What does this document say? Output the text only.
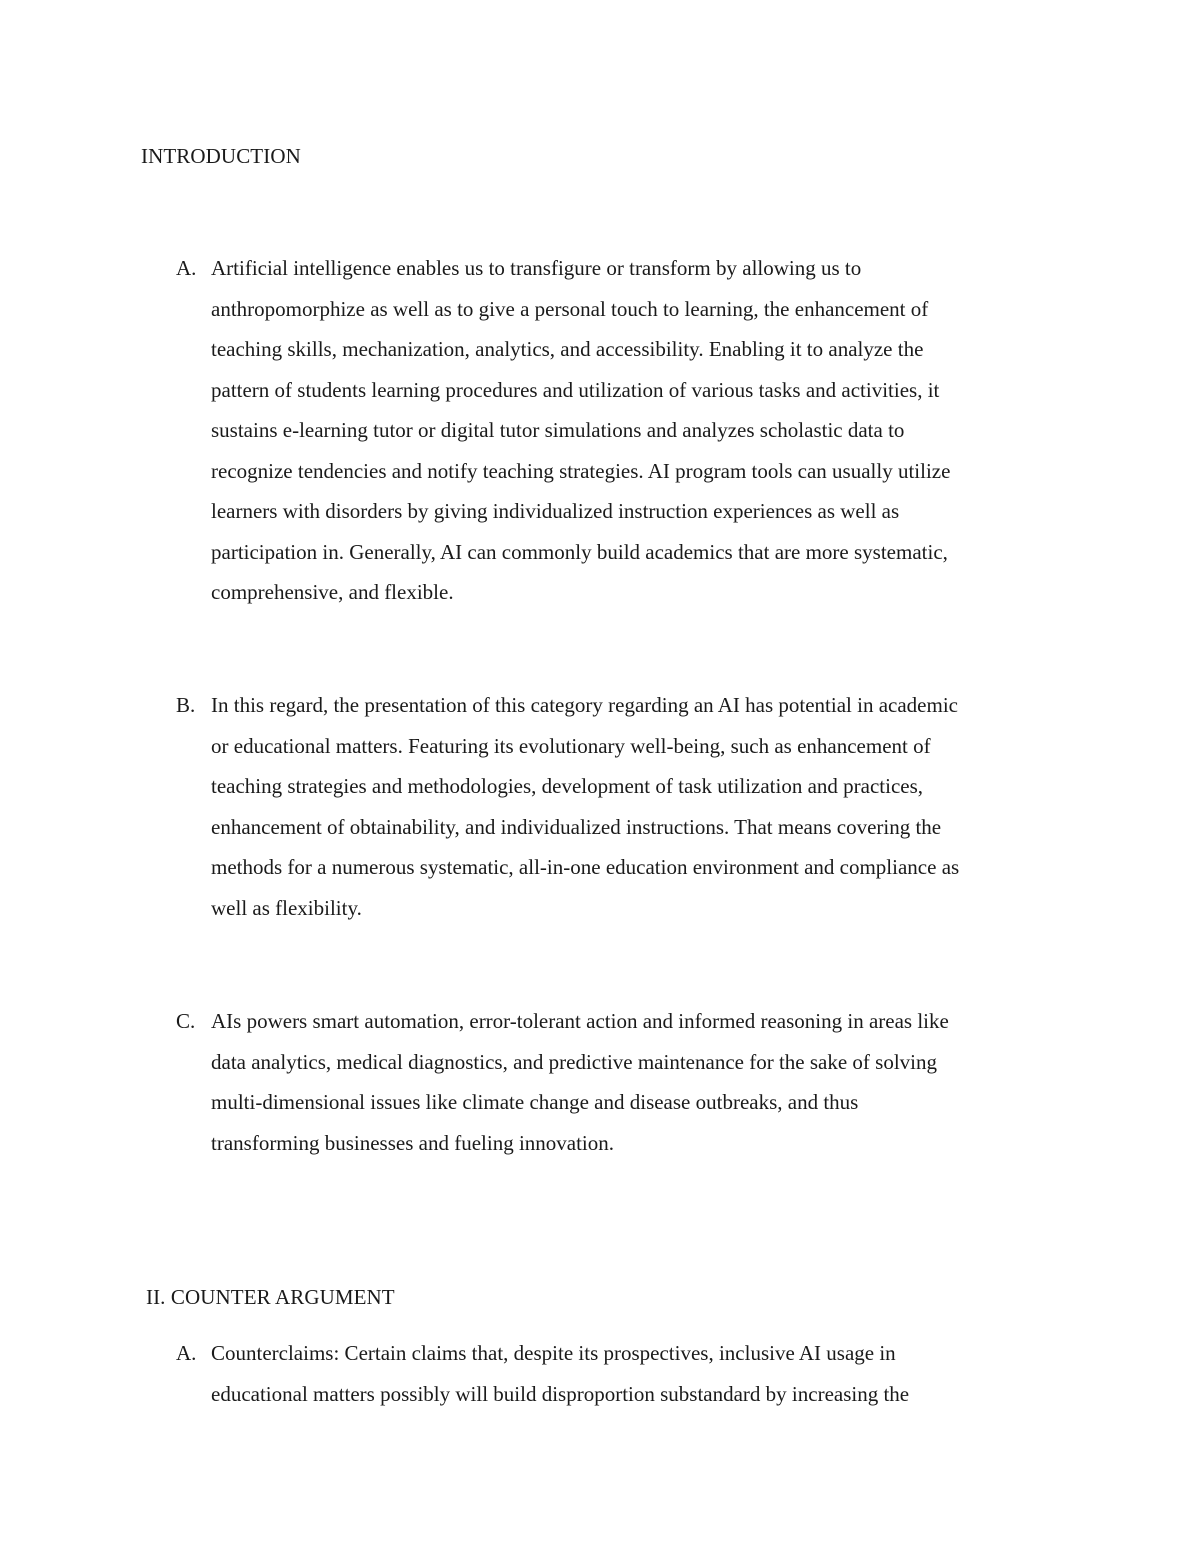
INTRODUCTION
A. Artificial intelligence enables us to transfigure or transform by allowing us to
anthropomorphize as well as to give a personal touch to learning, the enhancement of
teaching skills, mechanization, analytics, and accessibility. Enabling it to analyze the
pattern of students learning procedures and utilization of various tasks and activities, it
sustains e-learning tutor or digital tutor simulations and analyzes scholastic data to
recognize tendencies and notify teaching strategies. AI program tools can usually utilize
learners with disorders by giving individualized instruction experiences as well as
participation in. Generally, AI can commonly build academics that are more systematic,
comprehensive, and flexible.
B. In this regard, the presentation of this category regarding an AI has potential in academic
or educational matters. Featuring its evolutionary well-being, such as enhancement of
teaching strategies and methodologies, development of task utilization and practices,
enhancement of obtainability, and individualized instructions. That means covering the
methods for a numerous systematic, all-in-one education environment and compliance as
well as flexibility.
C. AIs powers smart automation, error-tolerant action and informed reasoning in areas like
data analytics, medical diagnostics, and predictive maintenance for the sake of solving
multi-dimensional issues like climate change and disease outbreaks, and thus
transforming businesses and fueling innovation.
II. COUNTER ARGUMENT
A. Counterclaims: Certain claims that, despite its prospectives, inclusive AI usage in
educational matters possibly will build disproportion substandard by increasing the
